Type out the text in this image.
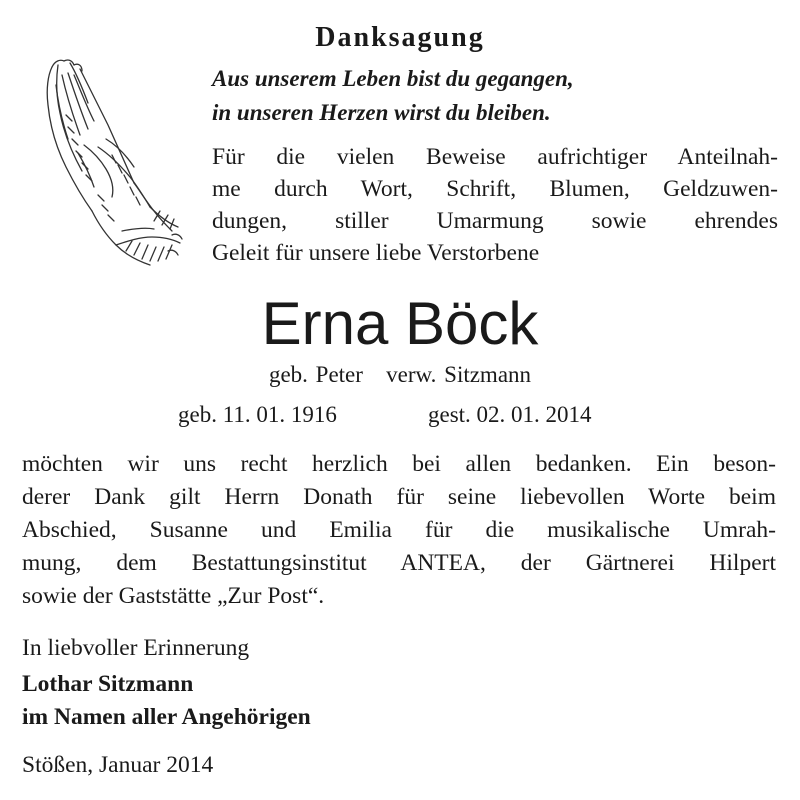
Danksagung
Aus unserem Leben bist du gegangen,
in unseren Herzen wirst du bleiben.
Für die vielen Beweise aufrichtiger Anteilnah-
me durch Wort, Schrift, Blumen, Geldzuwen-
dungen, stiller Umarmung sowie ehrendes
Geleit für unsere liebe Verstorbene
Erna Böck
geb. Peter   verw. Sitzmann
geb. 11. 01. 1916	gest. 02. 01. 2014
möchten wir uns recht herzlich bei allen bedanken. Ein beson-
derer Dank gilt Herrn Donath für seine liebevollen Worte beim
Abschied, Susanne und Emilia für die musikalische Umrah-
mung, dem Bestattungsinstitut ANTEA, der Gärtnerei Hilpert
sowie der Gaststätte „Zur Post“.
In liebvoller Erinnerung
Lothar Sitzmann
im Namen aller Angehörigen
Stößen, Januar 2014
